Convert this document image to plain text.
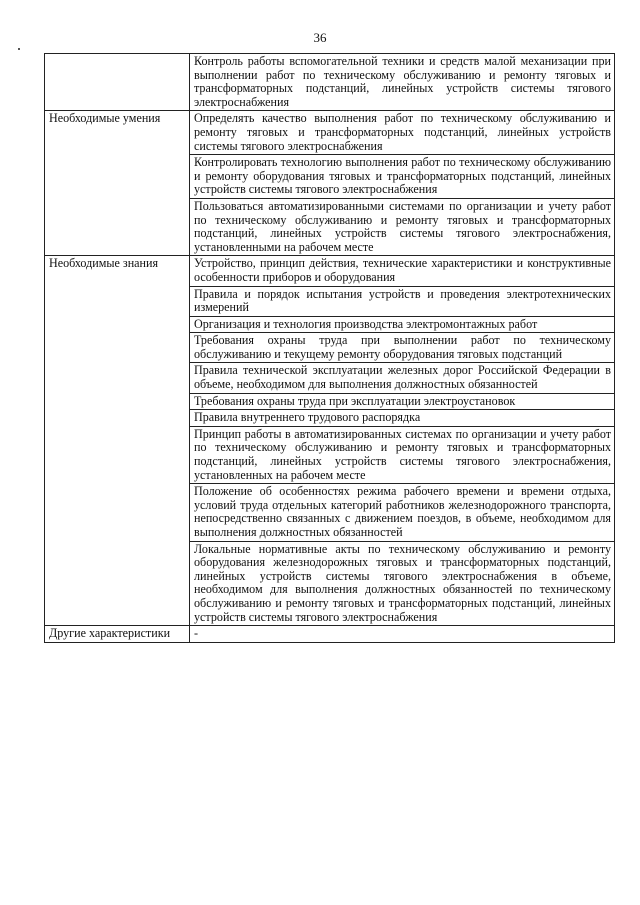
36
	Контроль работы вспомогательной техники и средств малой механизации при выполнении работ по техническому обслуживанию и ремонту тяговых и трансформаторных подстанций, линейных устройств системы тягового электроснабжения
Необходимые умения	Определять качество выполнения работ по техническому обслуживанию и ремонту тяговых и трансформаторных подстанций, линейных устройств системы тягового электроснабжения
	Контролировать технологию выполнения работ по техническому обслуживанию и ремонту оборудования тяговых и трансформаторных подстанций, линейных устройств системы тягового электроснабжения
	Пользоваться автоматизированными системами по организации и учету работ по техническому обслуживанию и ремонту тяговых и трансформаторных подстанций, линейных устройств системы тягового электроснабжения, установленными на рабочем месте
Необходимые знания	Устройство, принцип действия, технические характеристики и конструктивные особенности приборов и оборудования
	Правила и порядок испытания устройств и проведения электротехнических измерений
	Организация и технология производства электромонтажных работ
	Требования охраны труда при выполнении работ по техническому обслуживанию и текущему ремонту оборудования тяговых подстанций
	Правила технической эксплуатации железных дорог Российской Федерации в объеме, необходимом для выполнения должностных обязанностей
	Требования охраны труда при эксплуатации электроустановок
	Правила внутреннего трудового распорядка
	Принцип работы в автоматизированных системах по организации и учету работ по техническому обслуживанию и ремонту тяговых и трансформаторных подстанций, линейных устройств системы тягового электроснабжения, установленных на рабочем месте
	Положение об особенностях режима рабочего времени и времени отдыха, условий труда отдельных категорий работников железнодорожного транспорта, непосредственно связанных с движением поездов, в объеме, необходимом для выполнения должностных обязанностей
	Локальные нормативные акты по техническому обслуживанию и ремонту оборудования железнодорожных тяговых и трансформаторных подстанций, линейных устройств системы тягового электроснабжения в объеме, необходимом для выполнения должностных обязанностей по техническому обслуживанию и ремонту тяговых и трансформаторных подстанций, линейных устройств системы тягового электроснабжения
Другие характеристики	-
